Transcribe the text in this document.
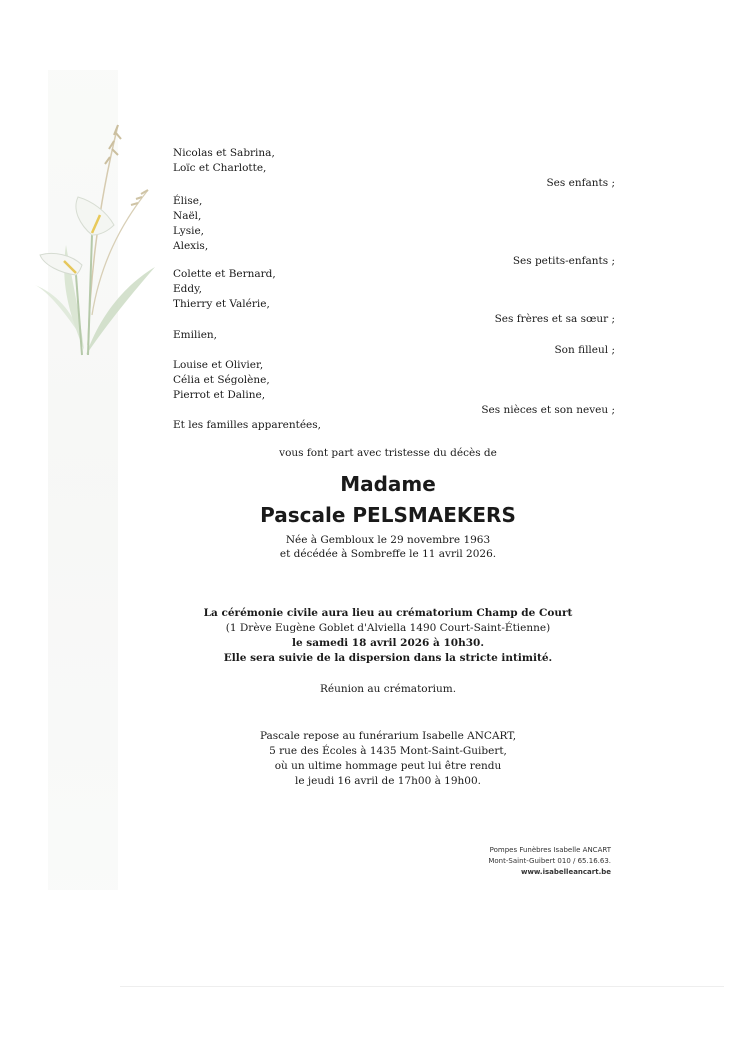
Nicolas et Sabrina,
Loïc et Charlotte,
Ses enfants ;
Élise,
Naël,
Lysie,
Alexis,
Ses petits-enfants ;
Colette et Bernard,
Eddy,
Thierry et Valérie,
Ses frères et sa sœur ;
Emilien,
Son filleul ;
Louise et Olivier,
Célia et Ségolène,
Pierrot et Daline,
Ses nièces et son neveu ;
Et les familles apparentées,
vous font part avec tristesse du décès de
Madame
Pascale PELSMAEKERS
Née à Gembloux le 29 novembre 1963
et décédée à Sombreffe le 11 avril 2026.
La cérémonie civile aura lieu au crématorium Champ de Court
(1 Drève Eugène Goblet d'Alviella 1490 Court-Saint-Étienne)
le samedi 18 avril 2026 à 10h30.
Elle sera suivie de la dispersion dans la stricte intimité.
Réunion au crématorium.
Pascale repose au funérarium Isabelle ANCART,
5 rue des Écoles à 1435 Mont-Saint-Guibert,
où un ultime hommage peut lui être rendu
le jeudi 16 avril de 17h00 à 19h00.
Pompes Funèbres Isabelle ANCART
Mont-Saint-Guibert 010 / 65.16.63.
www.isabelleancart.be
